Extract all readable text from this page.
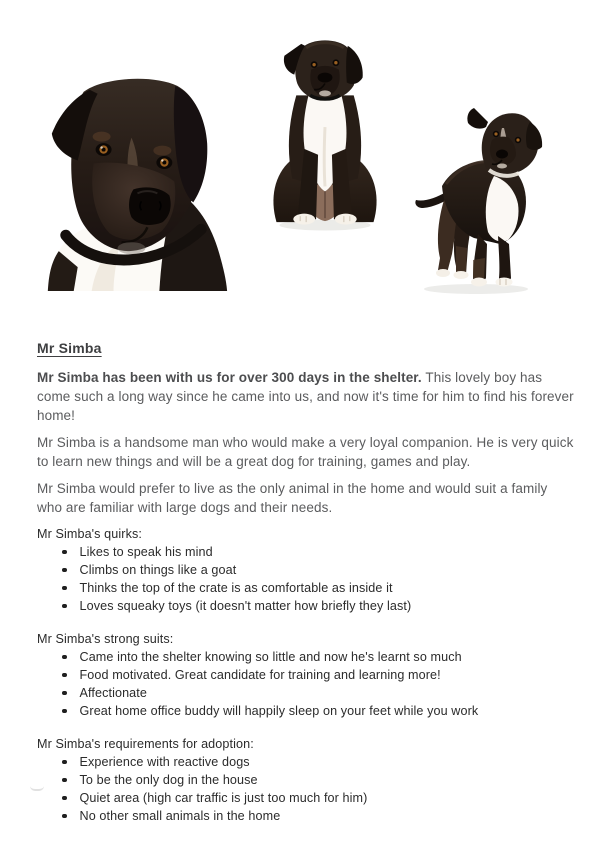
Mr Simba

Mr Simba has been with us for over 300 days in the shelter. This lovely boy has come such a long way since he came into us, and now it's time for him to find his forever home!

Mr Simba is a handsome man who would make a very loyal companion. He is very quick to learn new things and will be a great dog for training, games and play.

Mr Simba would prefer to live as the only animal in the home and would suit a family who are familiar with large dogs and their needs.

Mr Simba's quirks:
Likes to speak his mind
Climbs on things like a goat
Thinks the top of the crate is as comfortable as inside it
Loves squeaky toys (it doesn't matter how briefly they last)
Mr Simba's strong suits:
Came into the shelter knowing so little and now he's learnt so much
Food motivated. Great candidate for training and learning more!
Affectionate
Great home office buddy will happily sleep on your feet while you work
Mr Simba's requirements for adoption:
Experience with reactive dogs
To be the only dog in the house
Quiet area (high car traffic is just too much for him)
No other small animals in the home
